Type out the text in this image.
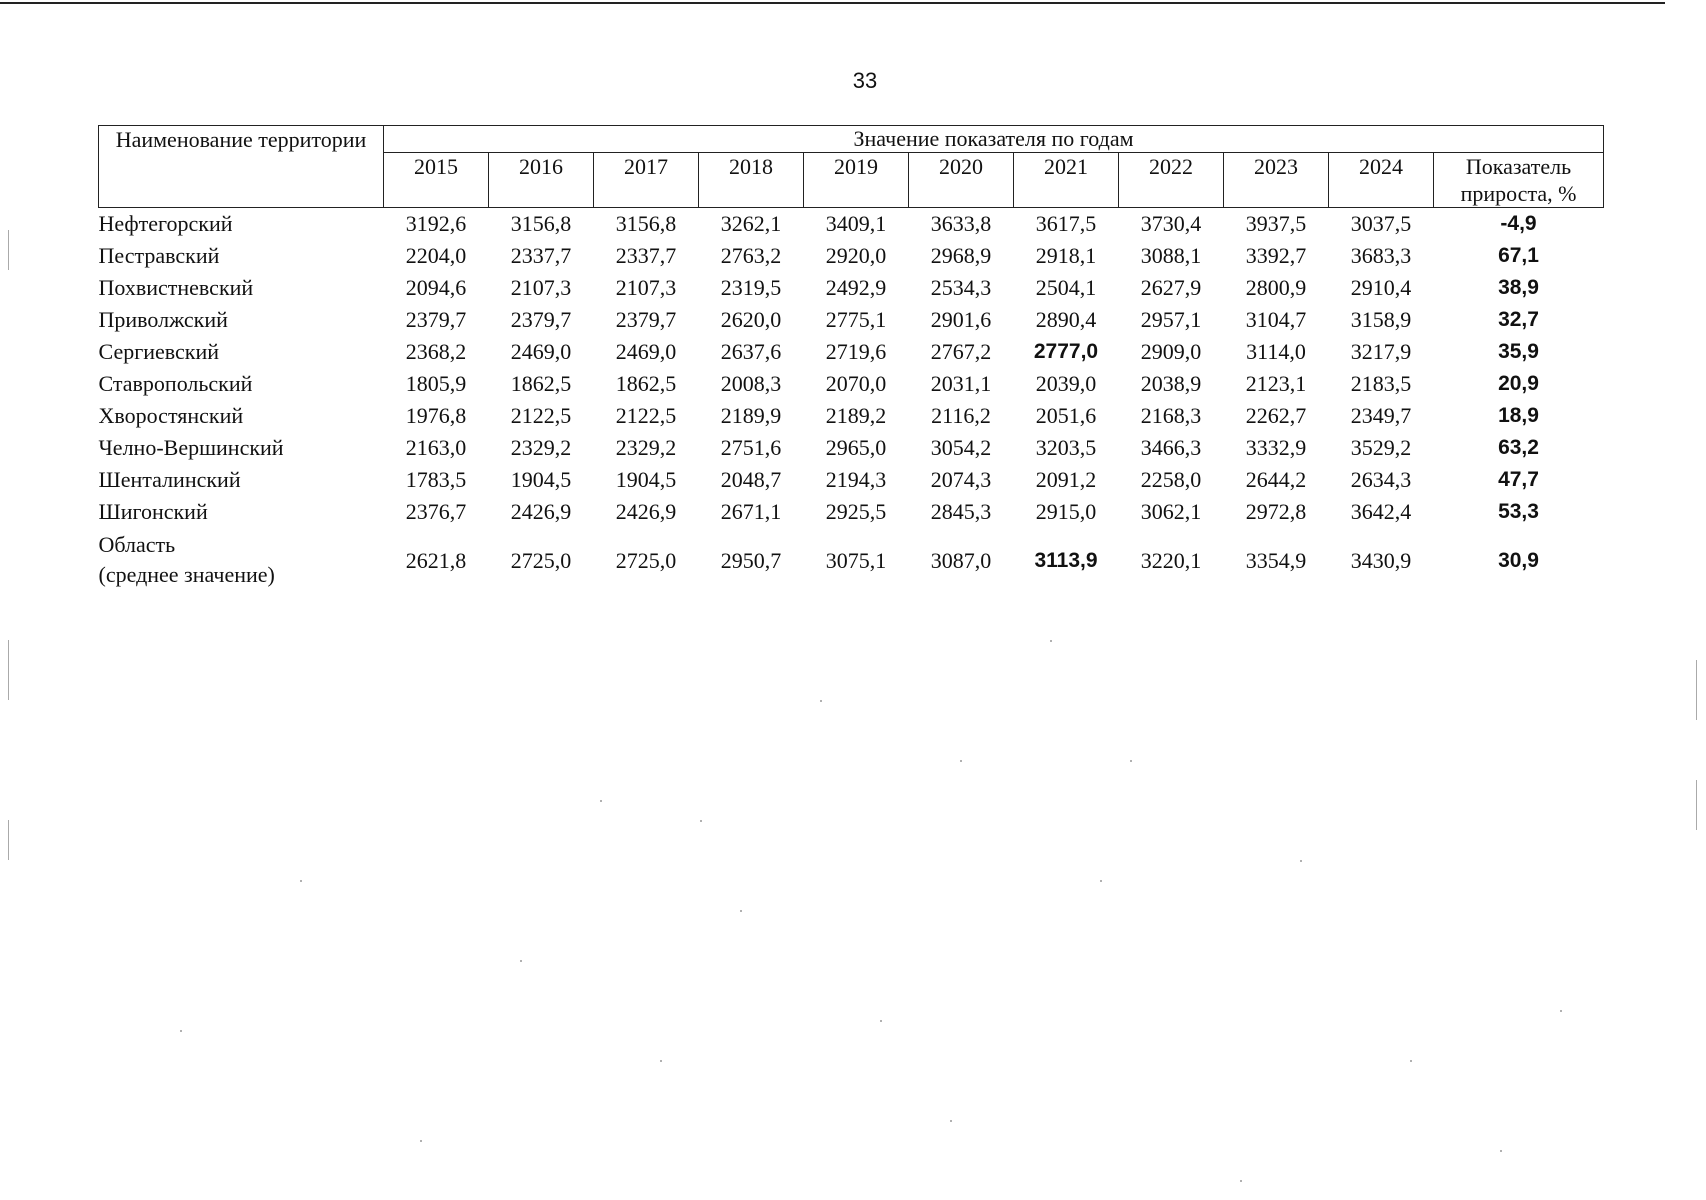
33
Наименование территории	Значение показателя по годам										
	2015	2016	2017	2018	2019	2020	2021	2022	2023	2024	Показатель прироста, %
Нефтегорский	3192,6	3156,8	3156,8	3262,1	3409,1	3633,8	3617,5	3730,4	3937,5	3037,5	-4,9
Пестравский	2204,0	2337,7	2337,7	2763,2	2920,0	2968,9	2918,1	3088,1	3392,7	3683,3	67,1
Похвистневский	2094,6	2107,3	2107,3	2319,5	2492,9	2534,3	2504,1	2627,9	2800,9	2910,4	38,9
Приволжский	2379,7	2379,7	2379,7	2620,0	2775,1	2901,6	2890,4	2957,1	3104,7	3158,9	32,7
Сергиевский	2368,2	2469,0	2469,0	2637,6	2719,6	2767,2	2777,0	2909,0	3114,0	3217,9	35,9
Ставропольский	1805,9	1862,5	1862,5	2008,3	2070,0	2031,1	2039,0	2038,9	2123,1	2183,5	20,9
Хворостянский	1976,8	2122,5	2122,5	2189,9	2189,2	2116,2	2051,6	2168,3	2262,7	2349,7	18,9
Челно-Вершинский	2163,0	2329,2	2329,2	2751,6	2965,0	3054,2	3203,5	3466,3	3332,9	3529,2	63,2
Шенталинский	1783,5	1904,5	1904,5	2048,7	2194,3	2074,3	2091,2	2258,0	2644,2	2634,3	47,7
Шигонский	2376,7	2426,9	2426,9	2671,1	2925,5	2845,3	2915,0	3062,1	2972,8	3642,4	53,3

Область
(среднее значение)	2621,8	2725,0	2725,0	2950,7	3075,1	3087,0	3113,9	3220,1	3354,9	3430,9	30,9
